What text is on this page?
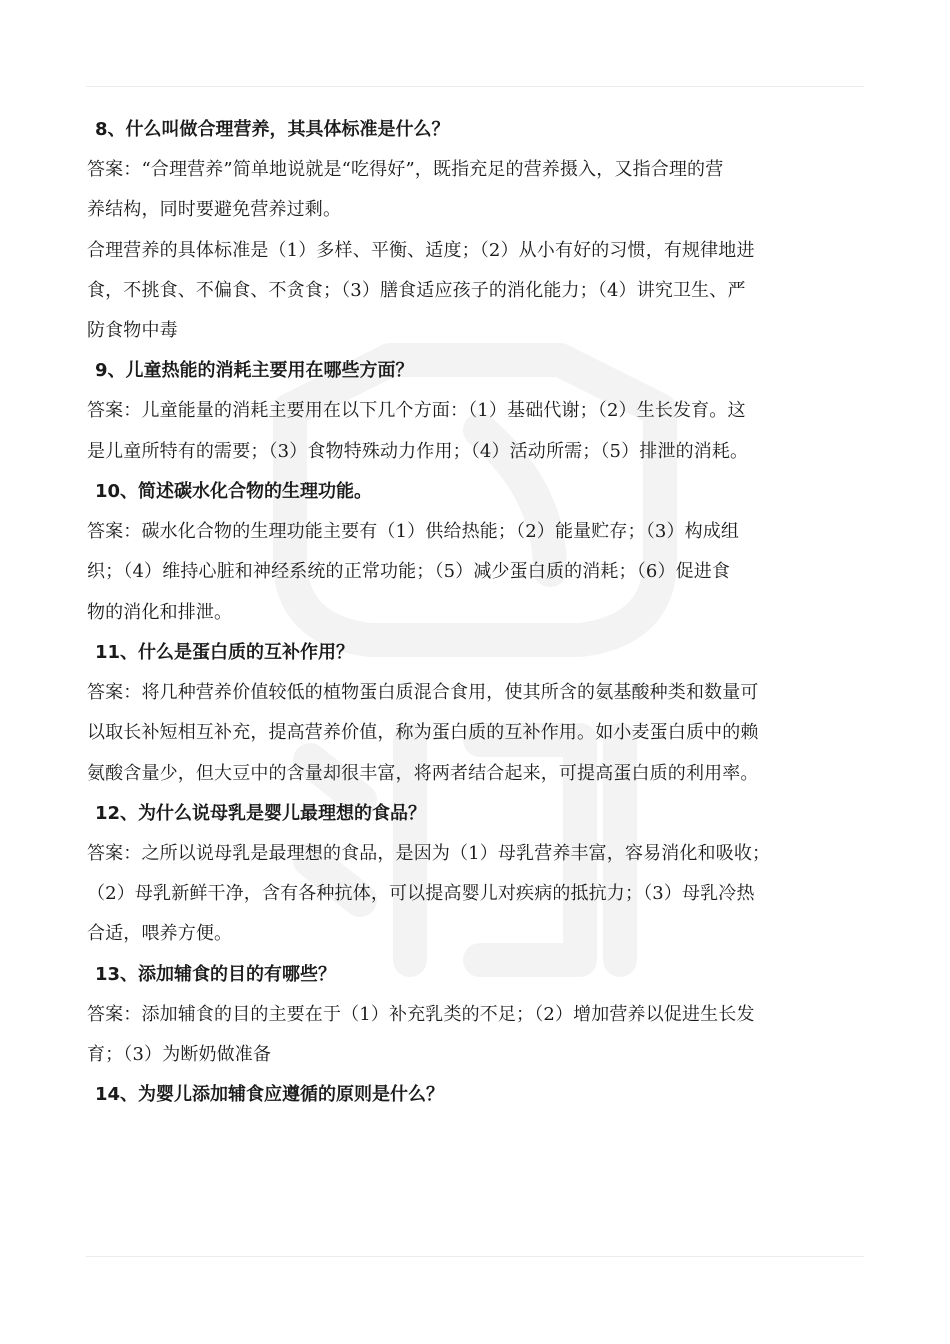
8、什么叫做合理营养，其具体标准是什么？
答案：“合理营养”简单地说就是“吃得好”，既指充足的营养摄入，又指合理的营
养结构，同时要避免营养过剩。
合理营养的具体标准是（1）多样、平衡、适度；（2）从小有好的习惯，有规律地进
食，不挑食、不偏食、不贪食；（3）膳食适应孩子的消化能力；（4）讲究卫生、严
防食物中毒
9、儿童热能的消耗主要用在哪些方面？
答案：儿童能量的消耗主要用在以下几个方面：（1）基础代谢；（2）生长发育。这
是儿童所特有的需要；（3）食物特殊动力作用；（4）活动所需；（5）排泄的消耗。
10、简述碳水化合物的生理功能。
答案：碳水化合物的生理功能主要有（1）供给热能；（2）能量贮存；（3）构成组
织；（4）维持心脏和神经系统的正常功能；（5）减少蛋白质的消耗；（6）促进食
物的消化和排泄。
11、什么是蛋白质的互补作用？
答案：将几种营养价值较低的植物蛋白质混合食用，使其所含的氨基酸种类和数量可
以取长补短相互补充，提高营养价值，称为蛋白质的互补作用。如小麦蛋白质中的赖
氨酸含量少，但大豆中的含量却很丰富，将两者结合起来，可提高蛋白质的利用率。
12、为什么说母乳是婴儿最理想的食品？
答案：之所以说母乳是最理想的食品，是因为（1）母乳营养丰富，容易消化和吸收；
（2）母乳新鲜干净，含有各种抗体，可以提高婴儿对疾病的抵抗力；（3）母乳冷热
合适，喂养方便。
13、添加辅食的目的有哪些？
答案：添加辅食的目的主要在于（1）补充乳类的不足；（2）增加营养以促进生长发
育；（3）为断奶做准备
14、为婴儿添加辅食应遵循的原则是什么？
